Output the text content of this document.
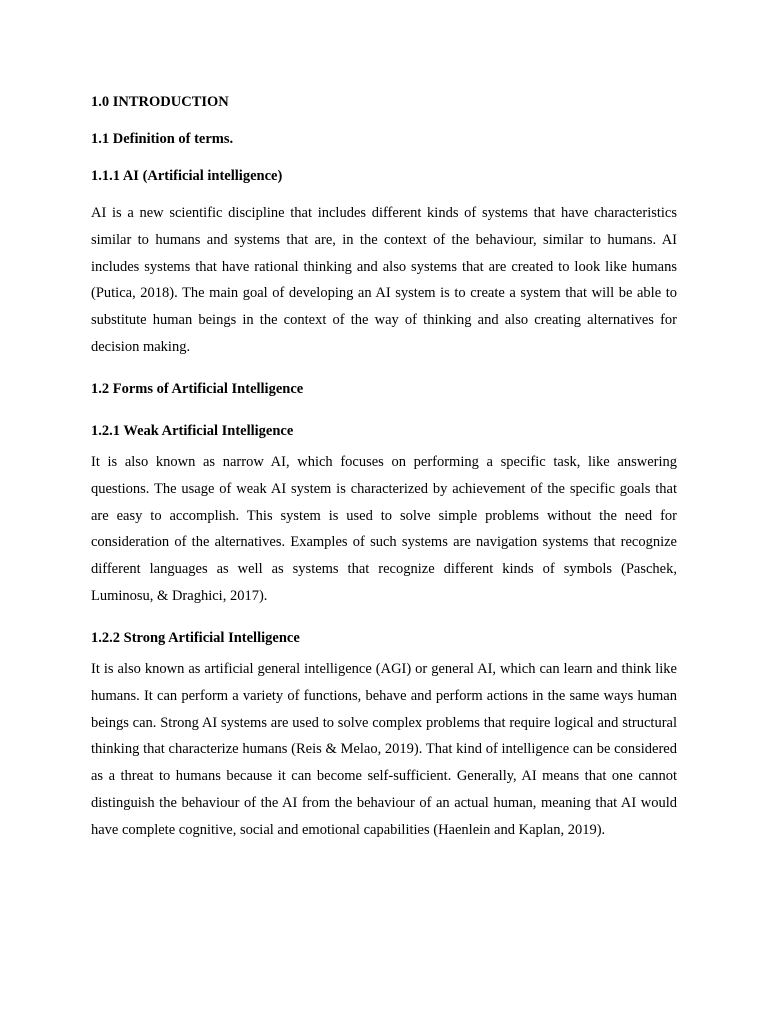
1.0 INTRODUCTION

1.1 Definition of terms.

1.1.1 AI (Artificial intelligence)

AI is a new scientific discipline that includes different kinds of systems that have characteristics similar to humans and systems that are, in the context of the behaviour, similar to humans. AI includes systems that have rational thinking and also systems that are created to look like humans (Putica, 2018). The main goal of developing an AI system is to create a system that will be able to substitute human beings in the context of the way of thinking and also creating alternatives for decision making.

1.2 Forms of Artificial Intelligence

1.2.1 Weak Artificial Intelligence

It is also known as narrow AI, which focuses on performing a specific task, like answering questions. The usage of weak AI system is characterized by achievement of the specific goals that are easy to accomplish. This system is used to solve simple problems without the need for consideration of the alternatives. Examples of such systems are navigation systems that recognize different languages as well as systems that recognize different kinds of symbols (Paschek, Luminosu, & Draghici, 2017).

1.2.2 Strong Artificial Intelligence

It is also known as artificial general intelligence (AGI) or general AI, which can learn and think like humans. It can perform a variety of functions, behave and perform actions in the same ways human beings can. Strong AI systems are used to solve complex problems that require logical and structural thinking that characterize humans (Reis & Melao, 2019). That kind of intelligence can be considered as a threat to humans because it can become self-sufficient. Generally, AI means that one cannot distinguish the behaviour of the AI from the behaviour of an actual human, meaning that AI would have complete cognitive, social and emotional capabilities (Haenlein and Kaplan, 2019).
